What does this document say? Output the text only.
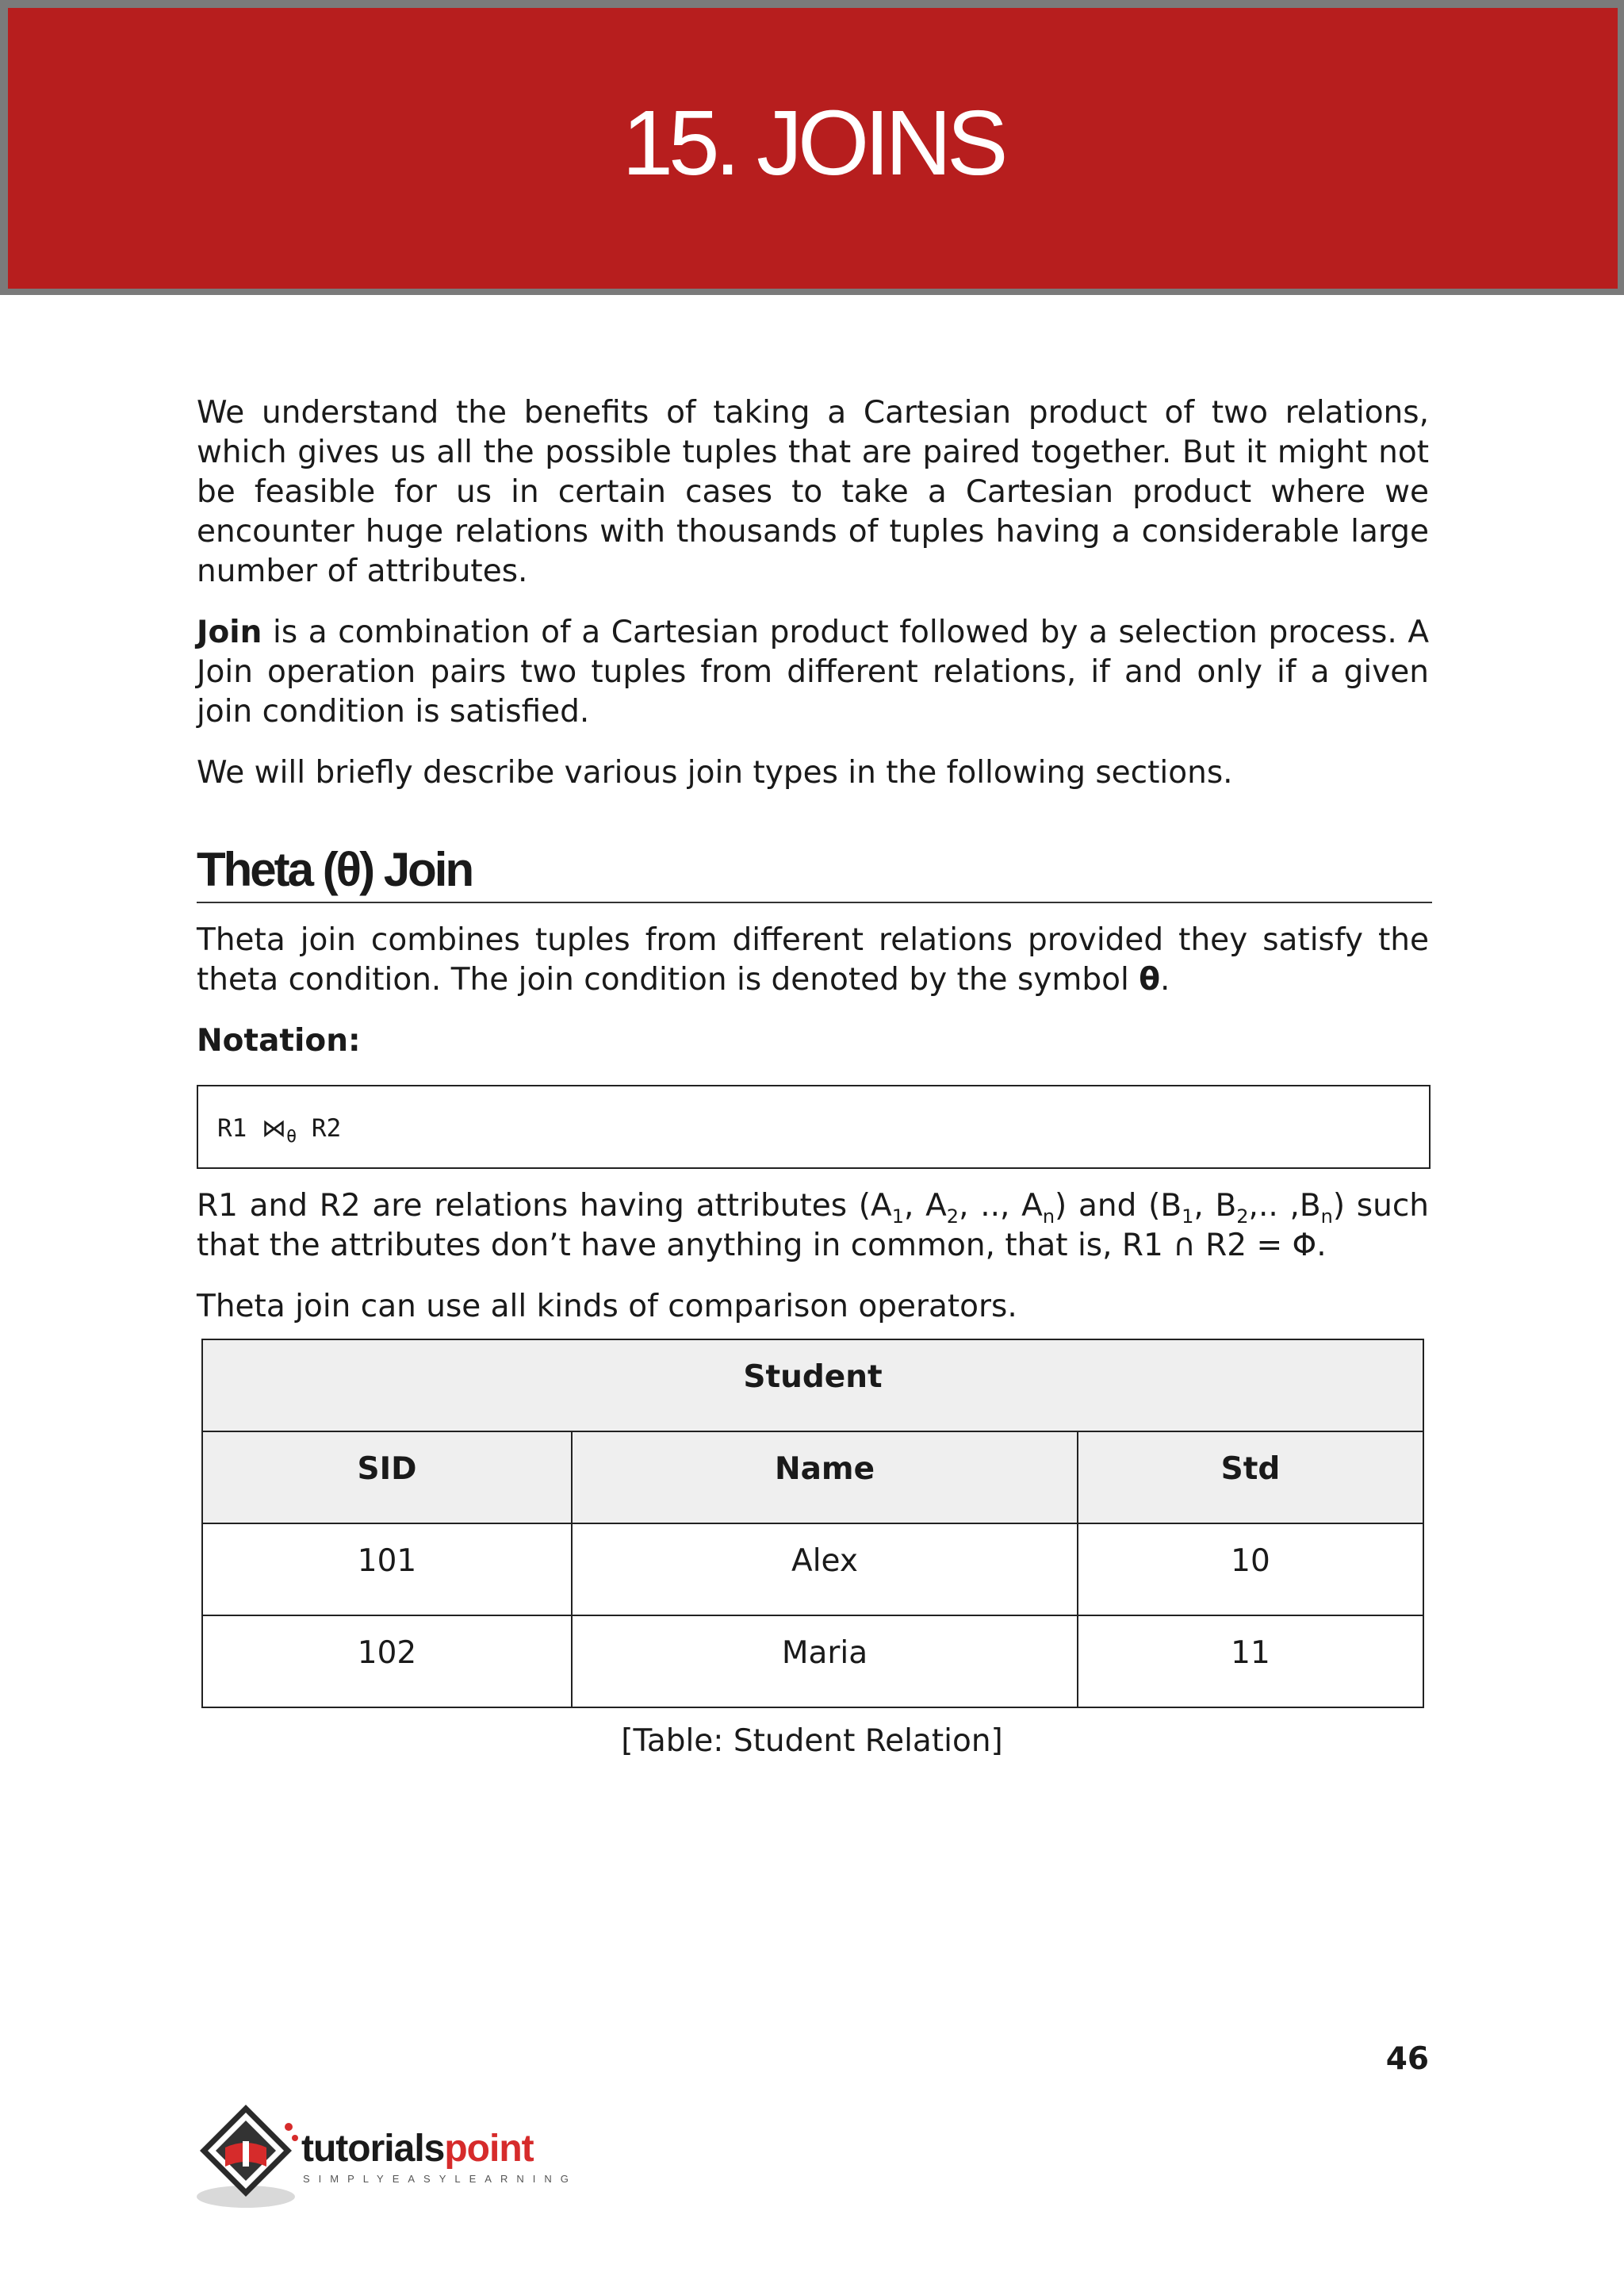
15. JOINS

We understand the benefits of taking a Cartesian product of two relations, which gives us all the possible tuples that are paired together. But it might not be feasible for us in certain cases to take a Cartesian product where we encounter huge relations with thousands of tuples having a considerable large number of attributes.

Join is a combination of a Cartesian product followed by a selection process. A Join operation pairs two tuples from different relations, if and only if a given join condition is satisfied.

We will briefly describe various join types in the following sections.

Theta (θ) Join

Theta join combines tuples from different relations provided they satisfy the theta condition. The join condition is denoted by the symbol θ.

Notation:

R1 $⋈_\theta$ R2

R1 and R2 are relations having attributes ($A_1$, $A_2$, .., $A_n$) and ($B_1$, $B_2$,.. $,B_n$) such that the attributes don’t have anything in common, that is, R1 ∩ R2 = Φ.

Theta join can use all kinds of comparison operators.

Student		
SID	Name	Std
101	Alex	10
102	Maria	11
[Table: Student Relation]
46
tutorialspoint
SIMPLYEASYLEARNING
